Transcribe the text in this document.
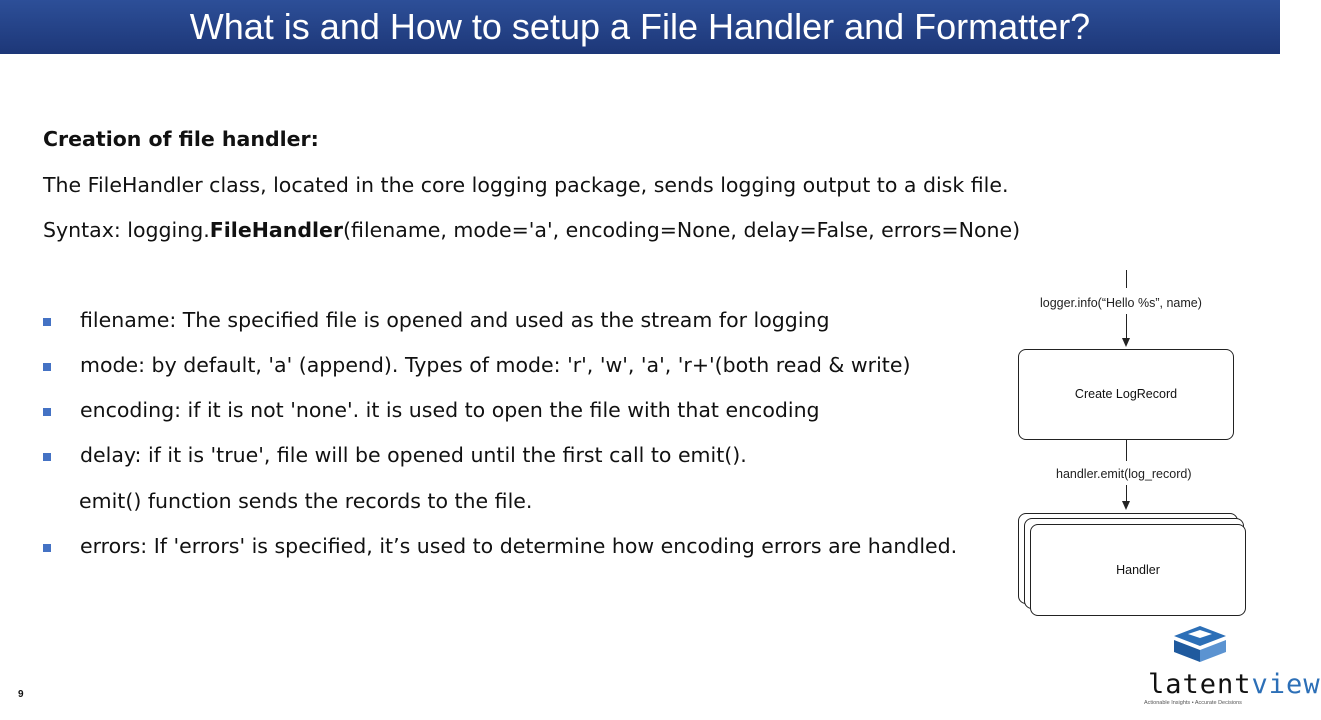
What is and How to setup a File Handler and Formatter?
Creation of file handler:
The FileHandler class, located in the core logging package, sends logging output to a disk file.
Syntax: logging.FileHandler(filename, mode='a', encoding=None, delay=False, errors=None)
filename: The specified file is opened and used as the stream for logging
mode: by default, 'a' (append). Types of mode: 'r', 'w', 'a', 'r+'(both read & write)
encoding: if it is not 'none'. it is used to open the file with that encoding
delay: if it is 'true', file will be opened until the first call to emit().
emit() function sends the records to the file.
errors: If 'errors' is specified, it’s used to determine how encoding errors are handled.
logger.info(“Hello %s”, name)
Create LogRecord
handler.emit(log_record)
Handler
9	latentview
Actionable Insights • Accurate Decisions
